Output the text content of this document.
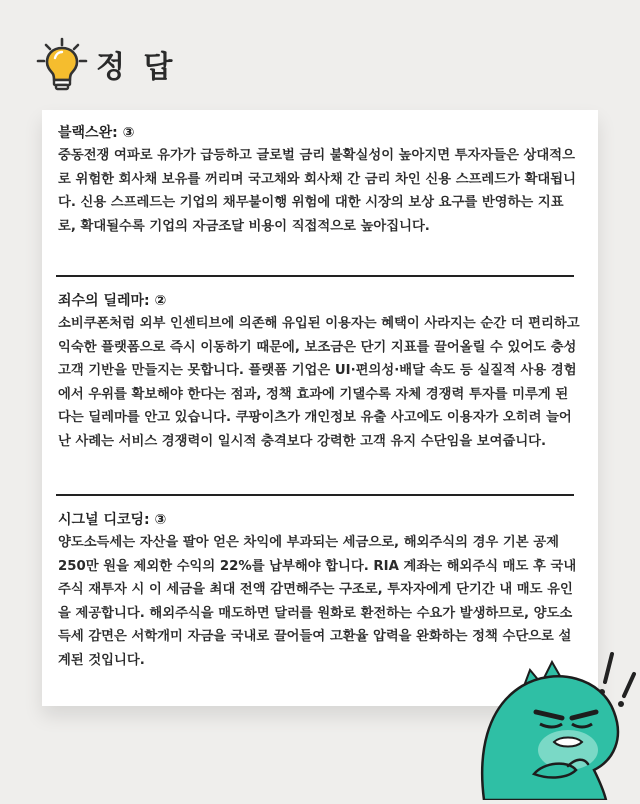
정 답
블랙스완: ③
중동전쟁 여파로 유가가 급등하고 글로벌 금리 불확실성이 높아지면 투자자들은 상대적으로 위험한 회사채 보유를 꺼리며 국고채와 회사채 간 금리 차인 신용 스프레드가 확대됩니다. 신용 스프레드는 기업의 채무불이행 위험에 대한 시장의 보상 요구를 반영하는 지표로, 확대될수록 기업의 자금조달 비용이 직접적으로 높아집니다.
죄수의 딜레마: ②
소비쿠폰처럼 외부 인센티브에 의존해 유입된 이용자는 혜택이 사라지는 순간 더 편리하고 익숙한 플랫폼으로 즉시 이동하기 때문에, 보조금은 단기 지표를 끌어올릴 수 있어도 충성 고객 기반을 만들지는 못합니다. 플랫폼 기업은 UI·편의성·배달 속도 등 실질적 사용 경험에서 우위를 확보해야 한다는 점과, 정책 효과에 기댈수록 자체 경쟁력 투자를 미루게 된다는 딜레마를 안고 있습니다. 쿠팡이츠가 개인정보 유출 사고에도 이용자가 오히려 늘어난 사례는 서비스 경쟁력이 일시적 충격보다 강력한 고객 유지 수단임을 보여줍니다.
시그널 디코딩: ③
양도소득세는 자산을 팔아 얻은 차익에 부과되는 세금으로, 해외주식의 경우 기본 공제 250만 원을 제외한 수익의 22%를 납부해야 합니다. RIA 계좌는 해외주식 매도 후 국내 주식 재투자 시 이 세금을 최대 전액 감면해주는 구조로, 투자자에게 단기간 내 매도 유인을 제공합니다. 해외주식을 매도하면 달러를 원화로 환전하는 수요가 발생하므로, 양도소득세 감면은 서학개미 자금을 국내로 끌어들여 고환율 압력을 완화하는 정책 수단으로 설계된 것입니다.
